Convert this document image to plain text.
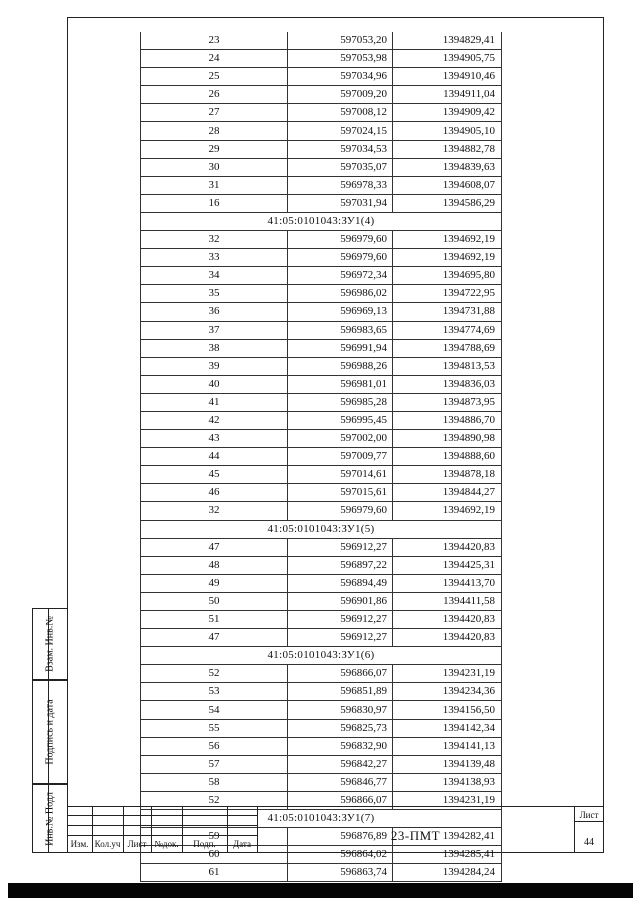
Взам. Инв.№
Подпись и дата
Инв.№ Подл
23	597053,20	1394829,41
24	597053,98	1394905,75
25	597034,96	1394910,46
26	597009,20	1394911,04
27	597008,12	1394909,42
28	597024,15	1394905,10
29	597034,53	1394882,78
30	597035,07	1394839,63
31	596978,33	1394608,07
16	597031,94	1394586,29
41:05:0101043:ЗУ1(4)		
32	596979,60	1394692,19
33	596979,60	1394692,19
34	596972,34	1394695,80
35	596986,02	1394722,95
36	596969,13	1394731,88
37	596983,65	1394774,69
38	596991,94	1394788,69
39	596988,26	1394813,53
40	596981,01	1394836,03
41	596985,28	1394873,95
42	596995,45	1394886,70
43	597002,00	1394890,98
44	597009,77	1394888,60
45	597014,61	1394878,18
46	597015,61	1394844,27
32	596979,60	1394692,19
41:05:0101043:ЗУ1(5)		
47	596912,27	1394420,83
48	596897,22	1394425,31
49	596894,49	1394413,70
50	596901,86	1394411,58
51	596912,27	1394420,83
47	596912,27	1394420,83
41:05:0101043:ЗУ1(6)		
52	596866,07	1394231,19
53	596851,89	1394234,36
54	596830,97	1394156,50
55	596825,73	1394142,34
56	596832,90	1394141,13
57	596842,27	1394139,48
58	596846,77	1394138,93
52	596866,07	1394231,19
41:05:0101043:ЗУ1(7)		
59	596876,89	1394282,41
60	596864,02	1394285,41
61	596863,74	1394284,24
Изм. Кол.уч Лист №док.	Подп.	Дата
23-ПМТ
Лист
44
